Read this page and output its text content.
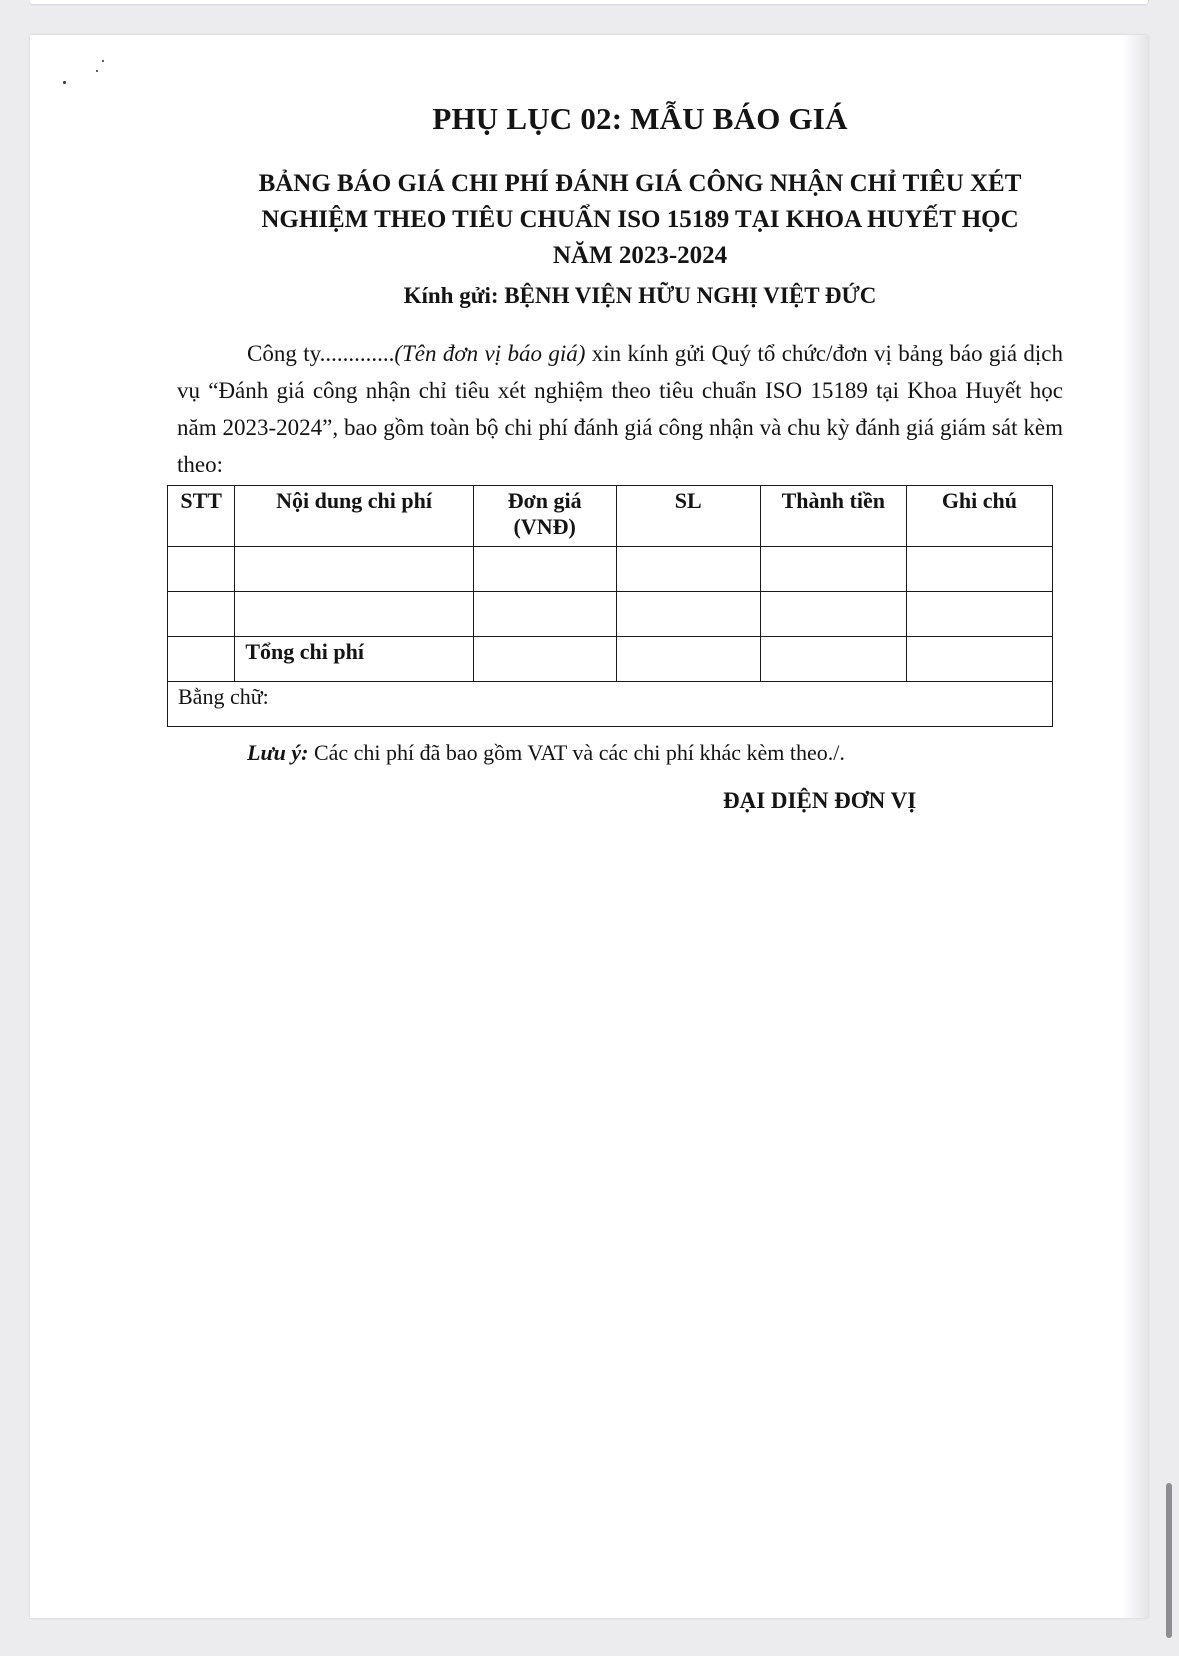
PHỤ LỤC 02: MẪU BÁO GIÁ
BẢNG BÁO GIÁ CHI PHÍ ĐÁNH GIÁ CÔNG NHẬN CHỈ TIÊU XÉT
NGHIỆM THEO TIÊU CHUẨN ISO 15189 TẠI KHOA HUYẾT HỌC
NĂM 2023-2024
Kính gửi: BỆNH VIỆN HỮU NGHỊ VIỆT ĐỨC

Công ty.............(Tên đơn vị báo giá) xin kính gửi Quý tổ chức/đơn vị bảng báo giá dịch vụ “Đánh giá công nhận chỉ tiêu xét nghiệm theo tiêu chuẩn ISO 15189 tại Khoa Huyết học năm 2023-2024”, bao gồm toàn bộ chi phí đánh giá công nhận và chu kỳ đánh giá giám sát kèm theo:

STT	Nội dung chi phí	Đơn giá (VNĐ)	SL	Thành tiền	Ghi chú

	Tổng chi phí				
Bằng chữ:					

Lưu ý: Các chi phí đã bao gồm VAT và các chi phí khác kèm theo./.

ĐẠI DIỆN ĐƠN VỊ
